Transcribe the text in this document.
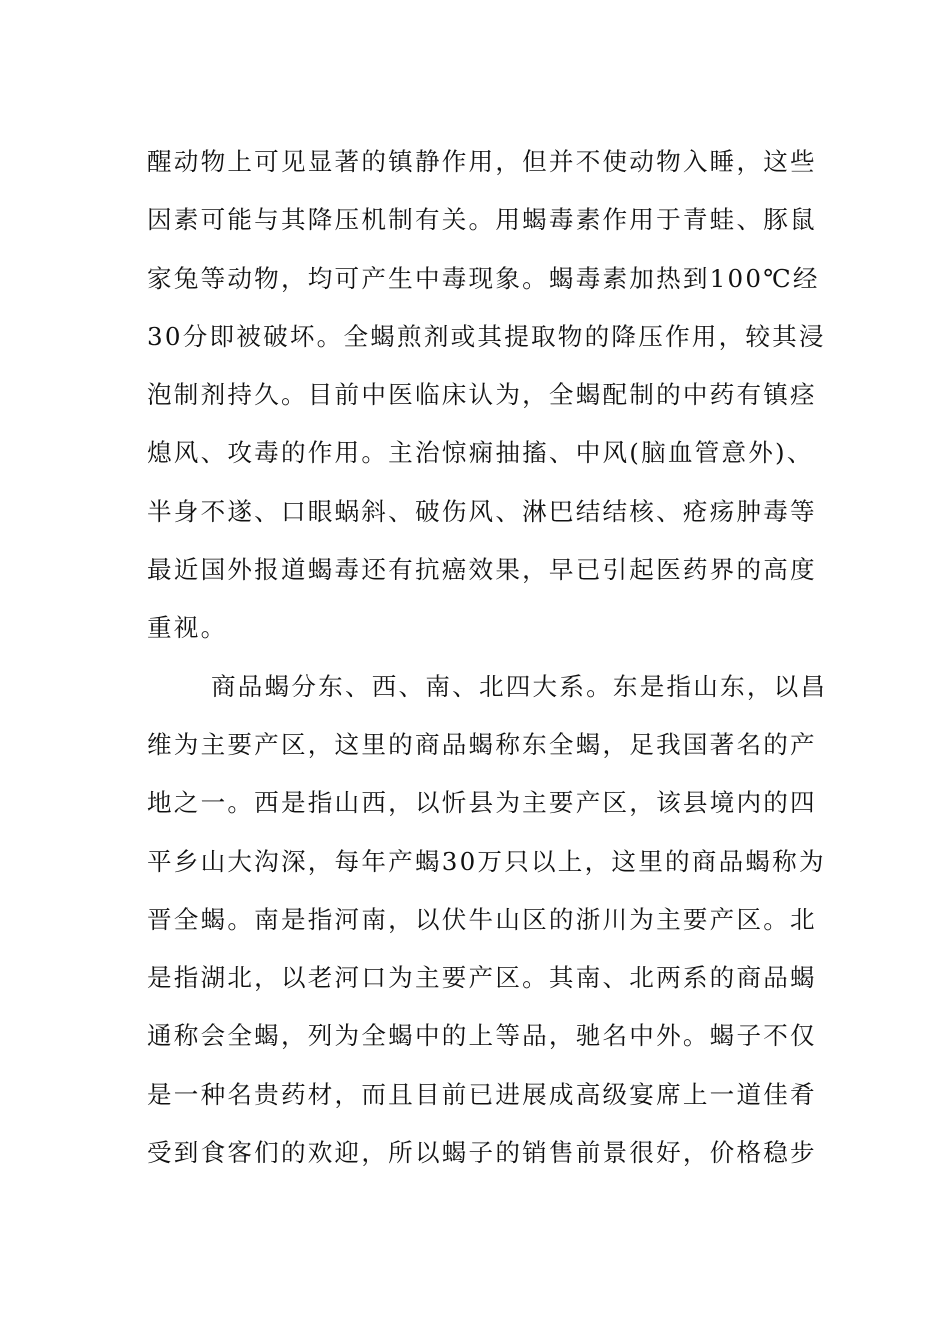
醒动物上可见显著的镇静作用，但并不使动物入睡，这些
因素可能与其降压机制有关。用蝎毒素作用于青蛙、豚鼠
家兔等动物，均可产生中毒现象。蝎毒素加热到100℃经
30分即被破坏。全蝎煎剂或其提取物的降压作用，较其浸
泡制剂持久。目前中医临床认为，全蝎配制的中药有镇痉
熄风、攻毒的作用。主治惊痫抽搐、中风(脑血管意外)、
半身不遂、口眼蜗斜、破伤风、淋巴结结核、疮疡肿毒等
最近国外报道蝎毒还有抗癌效果，早已引起医药界的高度
重视。
商品蝎分东、西、南、北四大系。东是指山东，以昌
维为主要产区，这里的商品蝎称东全蝎，足我国著名的产
地之一。西是指山西，以忻县为主要产区，该县境内的四
平乡山大沟深，每年产蝎30万只以上，这里的商品蝎称为
晋全蝎。南是指河南，以伏牛山区的浙川为主要产区。北
是指湖北，以老河口为主要产区。其南、北两系的商品蝎
通称会全蝎，列为全蝎中的上等品，驰名中外。蝎子不仅
是一种名贵药材，而且目前已进展成高级宴席上一道佳肴
受到食客们的欢迎，所以蝎子的销售前景很好，价格稳步
